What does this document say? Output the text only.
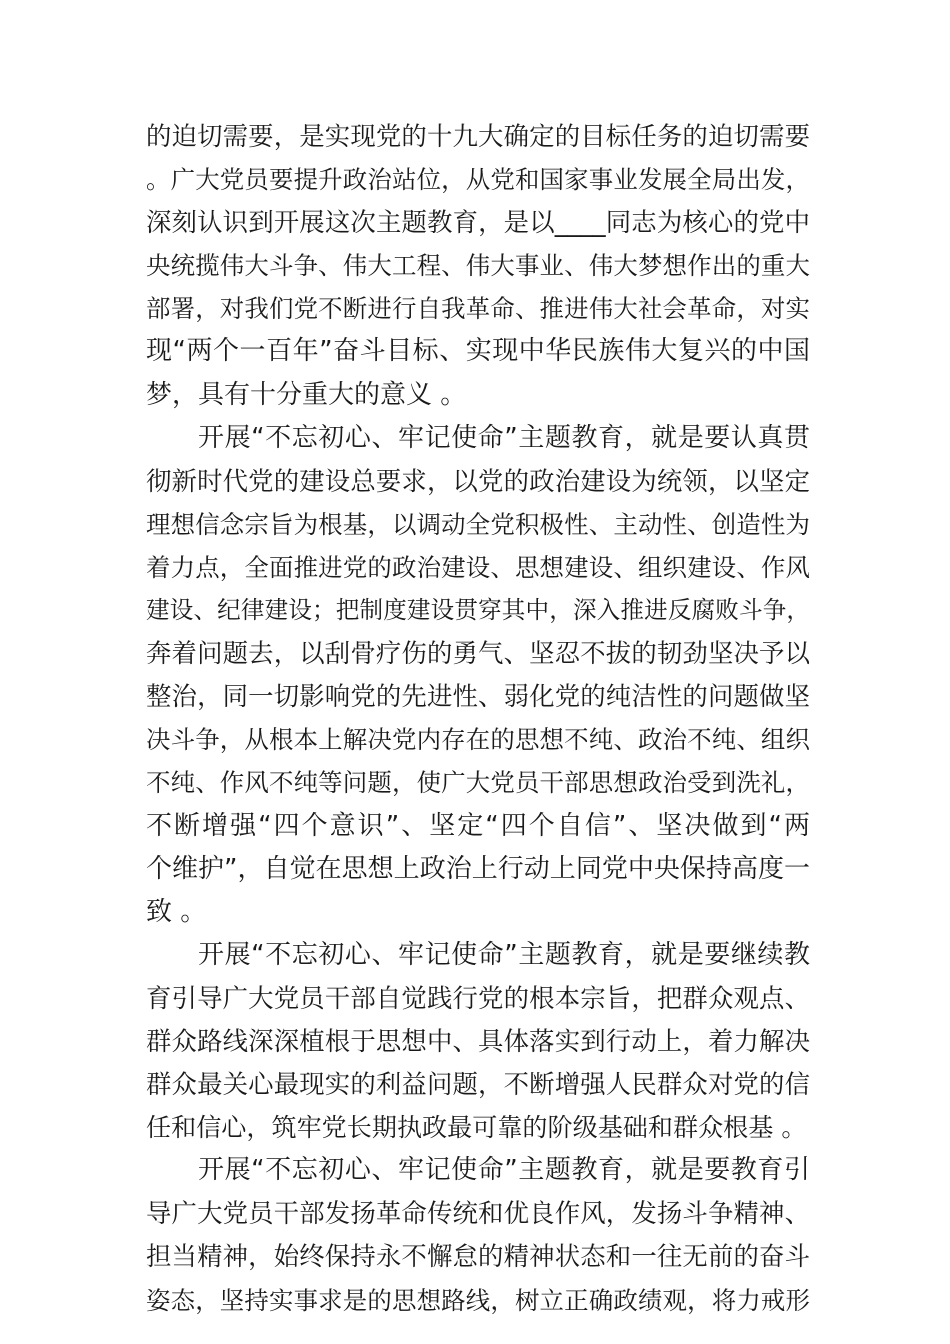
的迫切需要，是实现党的十九大确定的目标任务的迫切需要
。广大党员要提升政治站位，从党和国家事业发展全局出发，
深刻认识到开展这次主题教育，是以____同志为核心的党中
央统揽伟大斗争、伟大工程、伟大事业、伟大梦想作出的重大
部署，对我们党不断进行自我革命、推进伟大社会革命，对实
现“两个一百年”奋斗目标、实现中华民族伟大复兴的中国
梦，具有十分重大的意义 。
开展“不忘初心、牢记使命”主题教育，就是要认真贯
彻新时代党的建设总要求，以党的政治建设为统领，以坚定
理想信念宗旨为根基，以调动全党积极性、主动性、创造性为
着力点，全面推进党的政治建设、思想建设、组织建设、作风
建设、纪律建设；把制度建设贯穿其中，深入推进反腐败斗争，
奔着问题去，以刮骨疗伤的勇气、坚忍不拔的韧劲坚决予以
整治，同一切影响党的先进性、弱化党的纯洁性的问题做坚
决斗争，从根本上解决党内存在的思想不纯、政治不纯、组织
不纯、作风不纯等问题，使广大党员干部思想政治受到洗礼，
不断增强“四个意识”、坚定“四个自信”、坚决做到“两
个维护”，自觉在思想上政治上行动上同党中央保持高度一
致 。
开展“不忘初心、牢记使命”主题教育，就是要继续教
育引导广大党员干部自觉践行党的根本宗旨，把群众观点、
群众路线深深植根于思想中、具体落实到行动上，着力解决
群众最关心最现实的利益问题，不断增强人民群众对党的信
任和信心，筑牢党长期执政最可靠的阶级基础和群众根基 。
开展“不忘初心、牢记使命”主题教育，就是要教育引
导广大党员干部发扬革命传统和优良作风，发扬斗争精神、
担当精神，始终保持永不懈怠的精神状态和一往无前的奋斗
姿态，坚持实事求是的思想路线，树立正确政绩观，将力戒形
